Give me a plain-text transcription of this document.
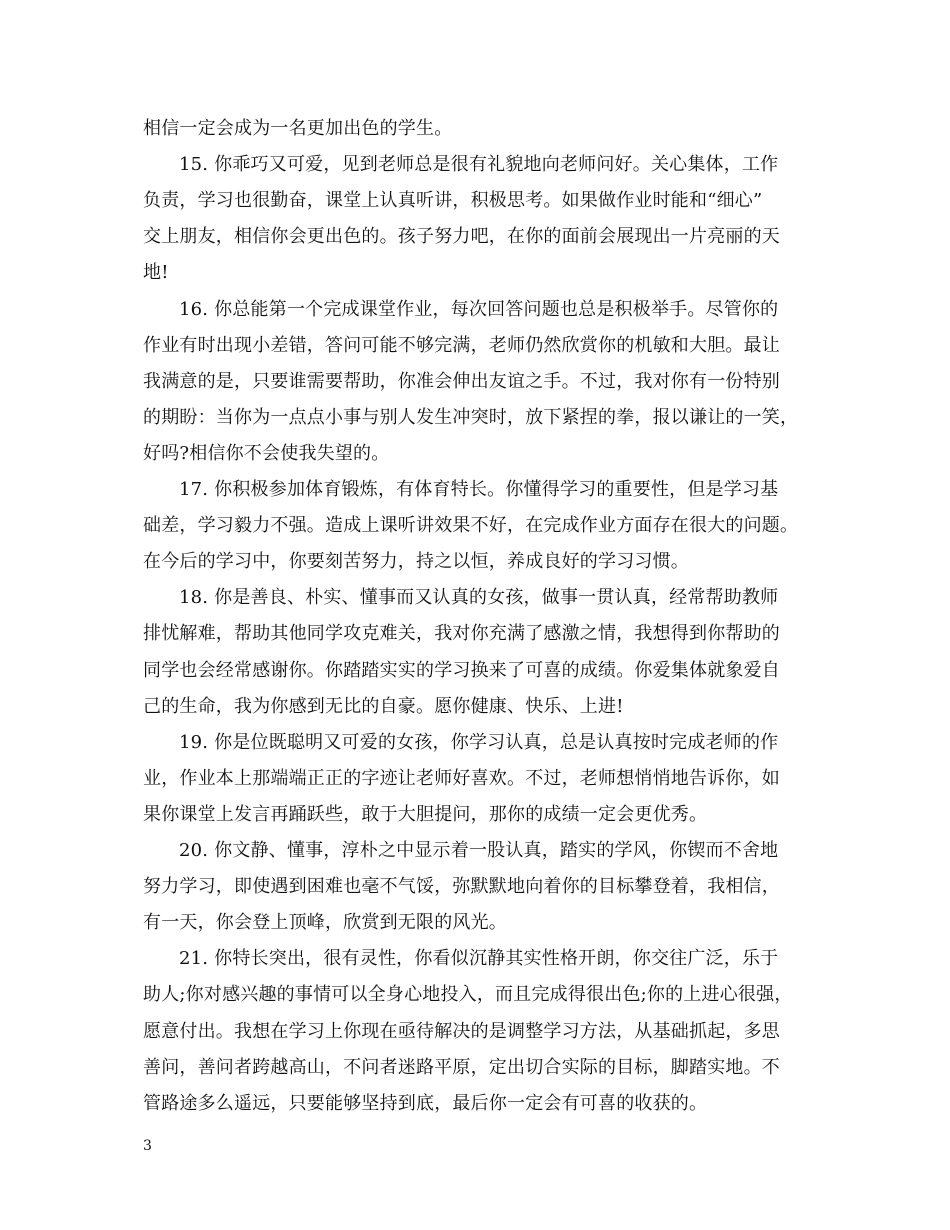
相信一定会成为一名更加出色的学生。
15. 你乖巧又可爱，见到老师总是很有礼貌地向老师问好。关心集体，工作
负责，学习也很勤奋，课堂上认真听讲，积极思考。如果做作业时能和“细心”
交上朋友，相信你会更出色的。孩子努力吧，在你的面前会展现出一片亮丽的天
地!
16. 你总能第一个完成课堂作业，每次回答问题也总是积极举手。尽管你的
作业有时出现小差错，答问可能不够完满，老师仍然欣赏你的机敏和大胆。最让
我满意的是，只要谁需要帮助，你准会伸出友谊之手。不过，我对你有一份特别
的期盼：当你为一点点小事与别人发生冲突时，放下紧捏的拳，报以谦让的一笑，
好吗?相信你不会使我失望的。
17. 你积极参加体育锻炼，有体育特长。你懂得学习的重要性，但是学习基
础差，学习毅力不强。造成上课听讲效果不好，在完成作业方面存在很大的问题。
在今后的学习中，你要刻苦努力，持之以恒，养成良好的学习习惯。
18. 你是善良、朴实、懂事而又认真的女孩，做事一贯认真，经常帮助教师
排忧解难，帮助其他同学攻克难关，我对你充满了感激之情，我想得到你帮助的
同学也会经常感谢你。你踏踏实实的学习换来了可喜的成绩。你爱集体就象爱自
己的生命，我为你感到无比的自豪。愿你健康、快乐、上进!
19. 你是位既聪明又可爱的女孩，你学习认真，总是认真按时完成老师的作
业，作业本上那端端正正的字迹让老师好喜欢。不过，老师想悄悄地告诉你，如
果你课堂上发言再踊跃些，敢于大胆提问，那你的成绩一定会更优秀。
20. 你文静、懂事，淳朴之中显示着一股认真，踏实的学风，你锲而不舍地
努力学习，即使遇到困难也毫不气馁，弥默默地向着你的目标攀登着，我相信，
有一天，你会登上顶峰，欣赏到无限的风光。
21. 你特长突出，很有灵性，你看似沉静其实性格开朗，你交往广泛，乐于
助人;你对感兴趣的事情可以全身心地投入，而且完成得很出色;你的上进心很强，
愿意付出。我想在学习上你现在亟待解决的是调整学习方法，从基础抓起，多思
善问，善问者跨越高山，不问者迷路平原，定出切合实际的目标，脚踏实地。不
管路途多么遥远，只要能够坚持到底，最后你一定会有可喜的收获的。
3
